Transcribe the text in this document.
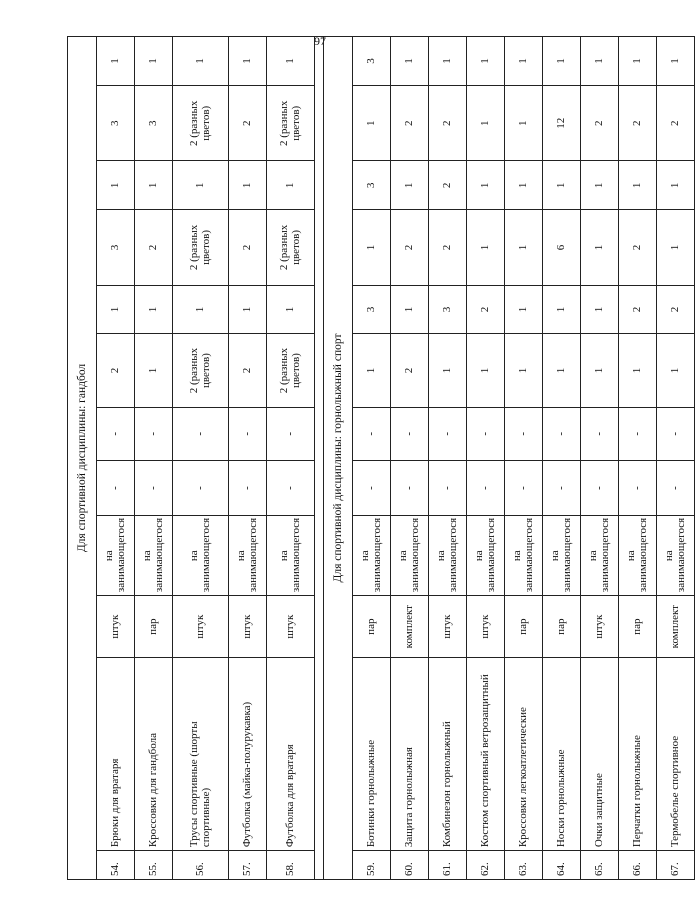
97
Для спортивной дисциплины: гандбол											
54.	Брюки для вратаря	штук	на занимающегося	-	-	2	1	3	1	3	1
55.	Кроссовки для гандбола	пар	на занимающегося	-	-	1	1	2	1	3	1
56.	Трусы спортивные (шорты спортивные)	штук	на занимающегося	-	-	2 (разных цветов)	1	2 (разных цветов)	1	2 (разных цветов)	1
57.	Футболка (майка-полурукавка)	штук	на занимающегося	-	-	2	1	2	1	2	1
58.	Футболка для вратаря	штук	на занимающегося	-	-	2 (разных цветов)	1	2 (разных цветов)	1	2 (разных цветов)	1

Для спортивной дисциплины: горнолыжный спорт											
59.	Ботинки горнолыжные	пар	на занимающегося	-	-	1	3	1	3	1	3
60.	Защита горнолыжная	комплект	на занимающегося	-	-	2	1	2	1	2	1
61.	Комбинезон горнолыжный	штук	на занимающегося	-	-	1	3	2	2	2	1
62.	Костюм спортивный ветрозащитный	штук	на занимающегося	-	-	1	2	1	1	1	1
63.	Кроссовки легкоатлетические	пар	на занимающегося	-	-	1	1	1	1	1	1
64.	Носки горнолыжные	пар	на занимающегося	-	-	1	1	6	1	12	1
65.	Очки защитные	штук	на занимающегося	-	-	1	1	1	1	2	1
66.	Перчатки горнолыжные	пар	на занимающегося	-	-	1	2	2	1	2	1
67.	Термобелье спортивное	комплект	на занимающегося	-	-	1	2	1	1	2	1
